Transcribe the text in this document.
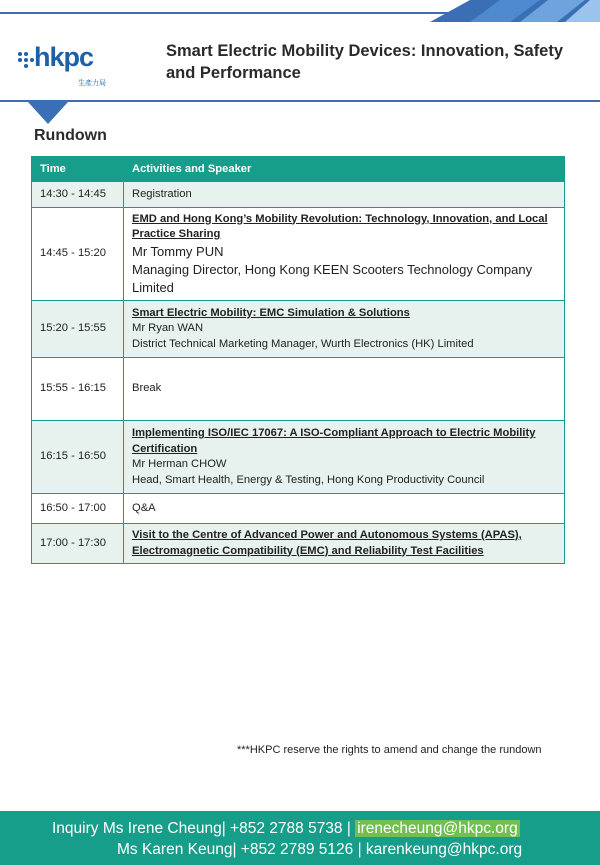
hkpc
生產力局
Smart Electric Mobility Devices: Innovation, Safety
and Performance
Rundown
Time	Activities and Speaker
14:30 - 14:45	Registration
14:45 - 15:20	EMD and Hong Kong’s Mobility Revolution: Technology, Innovation, and Local Practice Sharing
Mr Tommy PUN
Managing Director, Hong Kong KEEN Scooters Technology Company Limited

15:20 - 15:55	Smart Electric Mobility: EMC Simulation & Solutions
Mr Ryan WAN
District Technical Marketing Manager, Wurth Electronics (HK) Limited

15:55 - 16:15	Break
16:15 - 16:50	Implementing ISO/IEC 17067: A ISO-Compliant Approach to Electric Mobility Certification
Mr Herman CHOW
Head, Smart Health, Energy & Testing, Hong Kong Productivity Council

16:50 - 17:00	Q&A
17:00 - 17:30	Visit to the Centre of Advanced Power and Autonomous Systems (APAS), Electromagnetic Compatibility (EMC) and Reliability Test Facilities
***HKPC reserve the rights to amend and change the rundown
Inquiry Ms Irene Cheung| +852 2788 5738 | irenecheung@hkpc.org
Ms Karen Keung| +852 2789 5126 | karenkeung@hkpc.org
